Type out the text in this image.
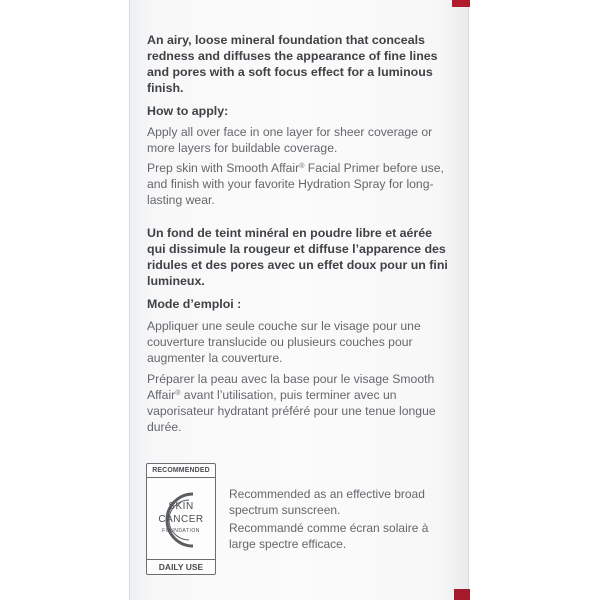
An airy, loose mineral foundation that conceals redness and diffuses the appearance of fine lines and pores with a soft focus effect for a luminous finish.

How to apply:

Apply all over face in one layer for sheer coverage or more layers for buildable coverage.

Prep skin with Smooth Affair® Facial Primer before use, and finish with your favorite Hydration Spray for long-lasting wear.

Un fond de teint minéral en poudre libre et aérée qui dissimule la rougeur et diffuse l’apparence des ridules et des pores avec un effet doux pour un fini lumineux.

Mode d’emploi :

Appliquer une seule couche sur le visage pour une couverture translucide ou plusieurs couches pour augmenter la couverture.

Préparer la peau avec la base pour le visage Smooth Affair® avant l’utilisation, puis terminer avec un vaporisateur hydratant préféré pour une tenue longue durée.

RECOMMENDED
SKIN
CANCER
FOUNDATION
DAILY USE

Recommended as an effective broad spectrum sunscreen.

Recommandé comme écran solaire à large spectre efficace.
